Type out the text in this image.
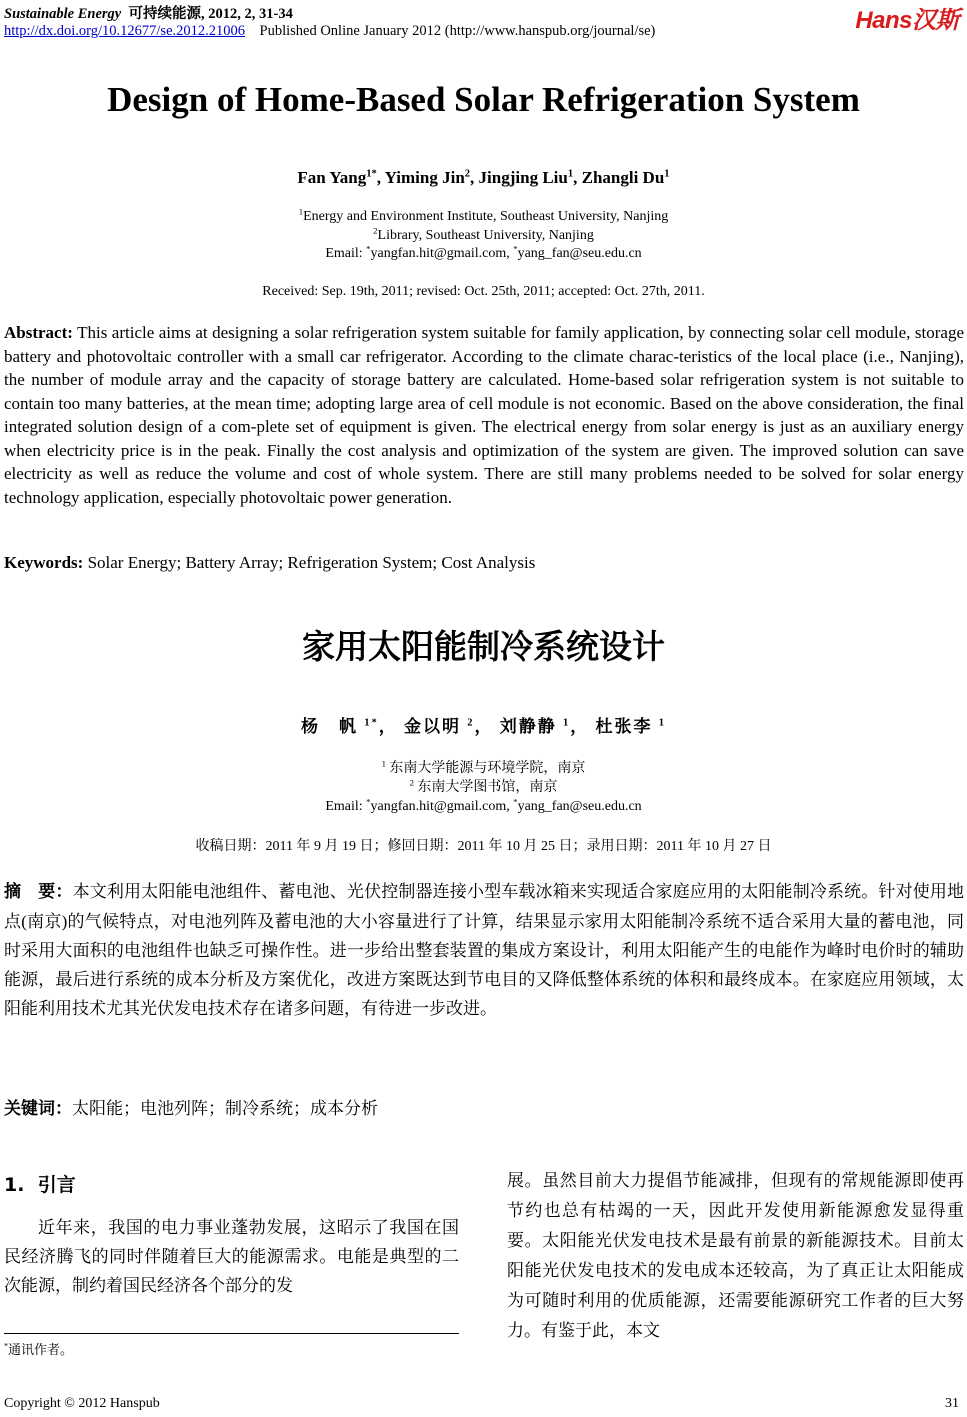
Sustainable Energy 可持续能源, 2012, 2, 31-34
http://dx.doi.org/10.12677/se.2012.21006 Published Online January 2012 (http://www.hanspub.org/journal/se)	Hans汉斯
Design of Home-Based Solar Refrigeration System
Fan Yang$^{1*}$, Yiming Jin$^2$, Jingjing Liu$^1$, Zhangli Du$^1$
$^1$Energy and Environment Institute, Southeast University, Nanjing
$^2$Library, Southeast University, Nanjing
Email: *yangfan.hit@gmail.com, *yang_fan@seu.edu.cn
Received: Sep. 19th, 2011; revised: Oct. 25th, 2011; accepted: Oct. 27th, 2011.
Abstract: This article aims at designing a solar refrigeration system suitable for family application, by connecting solar cell module, storage battery and photovoltaic controller with a small car refrigerator. According to the climate charac-teristics of the local place (i.e., Nanjing), the number of module array and the capacity of storage battery are calculated. Home-based solar refrigeration system is not suitable to contain too many batteries, at the mean time; adopting large area of cell module is not economic. Based on the above consideration, the final integrated solution design of a com-plete set of equipment is given. The electrical energy from solar energy is just as an auxiliary energy when electricity price is in the peak. Finally the cost analysis and optimization of the system are given. The improved solution can save electricity as well as reduce the volume and cost of whole system. There are still many problems needed to be solved for solar energy technology application, especially photovoltaic power generation.
Keywords: Solar Energy; Battery Array; Refrigeration System; Cost Analysis
家用太阳能制冷系统设计
杨　帆 $^{1*}$， 金以明 $^2$， 刘静静 $^1$， 杜张李 $^1$
$^1$ 东南大学能源与环境学院，南京
$^2$ 东南大学图书馆，南京
Email: *yangfan.hit@gmail.com, *yang_fan@seu.edu.cn
收稿日期：2011 年 9 月 19 日；修回日期：2011 年 10 月 25 日；录用日期：2011 年 10 月 27 日
摘　要：本文利用太阳能电池组件、蓄电池、光伏控制器连接小型车载冰箱来实现适合家庭应用的太阳能制冷系统。针对使用地点(南京)的气候特点，对电池列阵及蓄电池的大小容量进行了计算，结果显示家用太阳能制冷系统不适合采用大量的蓄电池，同时采用大面积的电池组件也缺乏可操作性。进一步给出整套装置的集成方案设计，利用太阳能产生的电能作为峰时电价时的辅助能源，最后进行系统的成本分析及方案优化，改进方案既达到节电目的又降低整体系统的体积和最终成本。在家庭应用领域，太阳能利用技术尤其光伏发电技术存在诸多问题，有待进一步改进。
关键词：太阳能；电池列阵；制冷系统；成本分析
1. 引言
近年来，我国的电力事业蓬勃发展，这昭示了我国在国民经济腾飞的同时伴随着巨大的能源需求。电能是典型的二次能源，制约着国民经济各个部分的发
展。虽然目前大力提倡节能减排，但现有的常规能源即使再节约也总有枯竭的一天，因此开发使用新能源愈发显得重要。太阳能光伏发电技术是最有前景的新能源技术。目前太阳能光伏发电技术的发电成本还较高，为了真正让太阳能成为可随时利用的优质能源，还需要能源研究工作者的巨大努力。有鉴于此，本文
*通讯作者。
Copyright © 2012 Hanspub	31
